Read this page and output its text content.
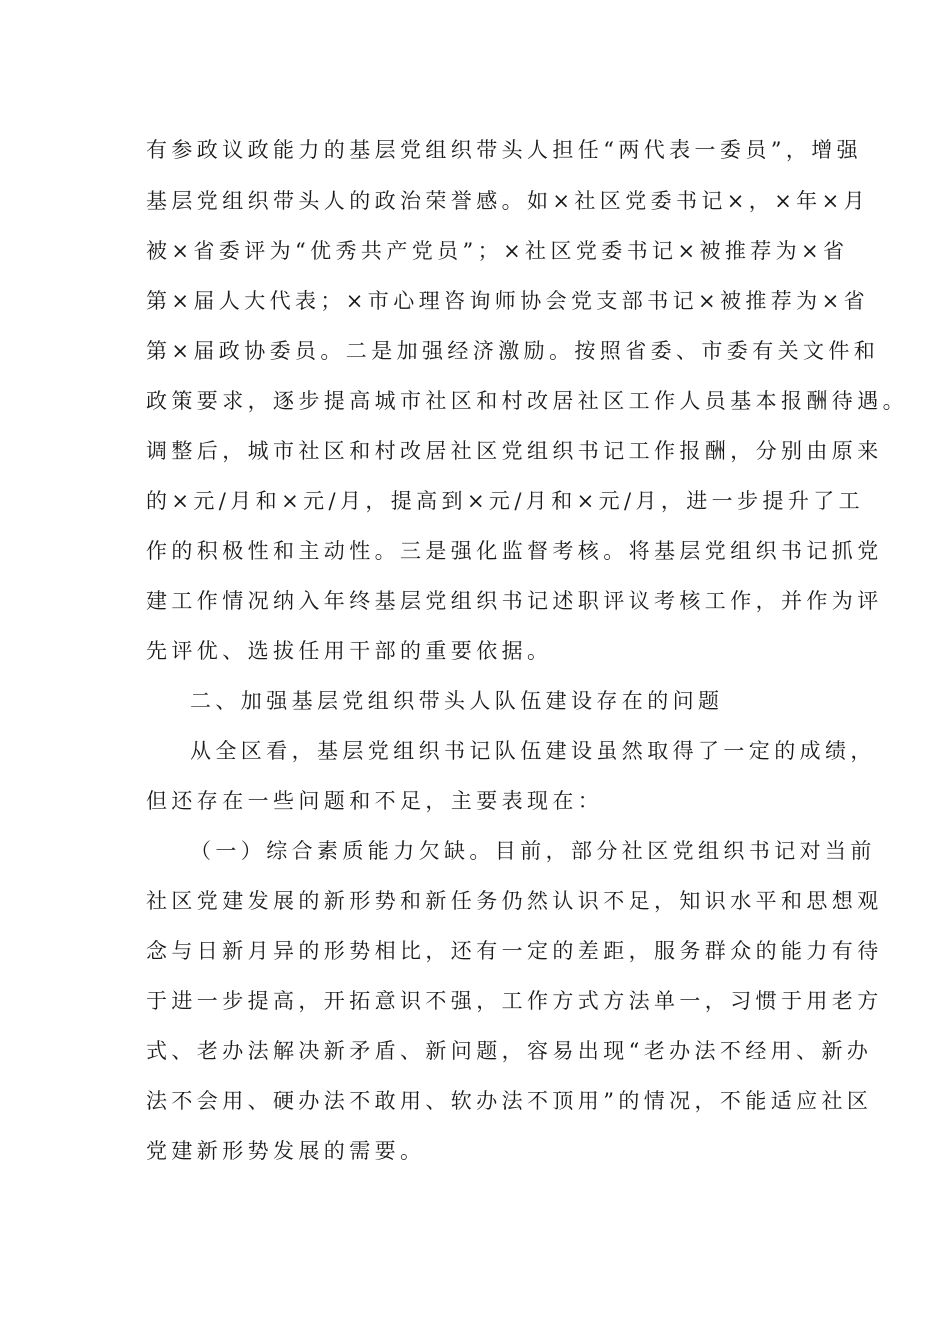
有参政议政能力的基层党组织带头人担任“两代表一委员”，增强
基层党组织带头人的政治荣誉感。如×社区党委书记×，×年×月
被×省委评为“优秀共产党员”；×社区党委书记×被推荐为×省
第×届人大代表；×市心理咨询师协会党支部书记×被推荐为×省
第×届政协委员。二是加强经济激励。按照省委、市委有关文件和
政策要求，逐步提高城市社区和村改居社区工作人员基本报酬待遇。
调整后，城市社区和村改居社区党组织书记工作报酬，分别由原来
的×元/月和×元/月，提高到×元/月和×元/月，进一步提升了工
作的积极性和主动性。三是强化监督考核。将基层党组织书记抓党
建工作情况纳入年终基层党组织书记述职评议考核工作，并作为评
先评优、选拔任用干部的重要依据。
二、加强基层党组织带头人队伍建设存在的问题
从全区看，基层党组织书记队伍建设虽然取得了一定的成绩，
但还存在一些问题和不足，主要表现在：
（一）综合素质能力欠缺。目前，部分社区党组织书记对当前
社区党建发展的新形势和新任务仍然认识不足，知识水平和思想观
念与日新月异的形势相比，还有一定的差距，服务群众的能力有待
于进一步提高，开拓意识不强，工作方式方法单一，习惯于用老方
式、老办法解决新矛盾、新问题，容易出现“老办法不经用、新办
法不会用、硬办法不敢用、软办法不顶用”的情况，不能适应社区
党建新形势发展的需要。
